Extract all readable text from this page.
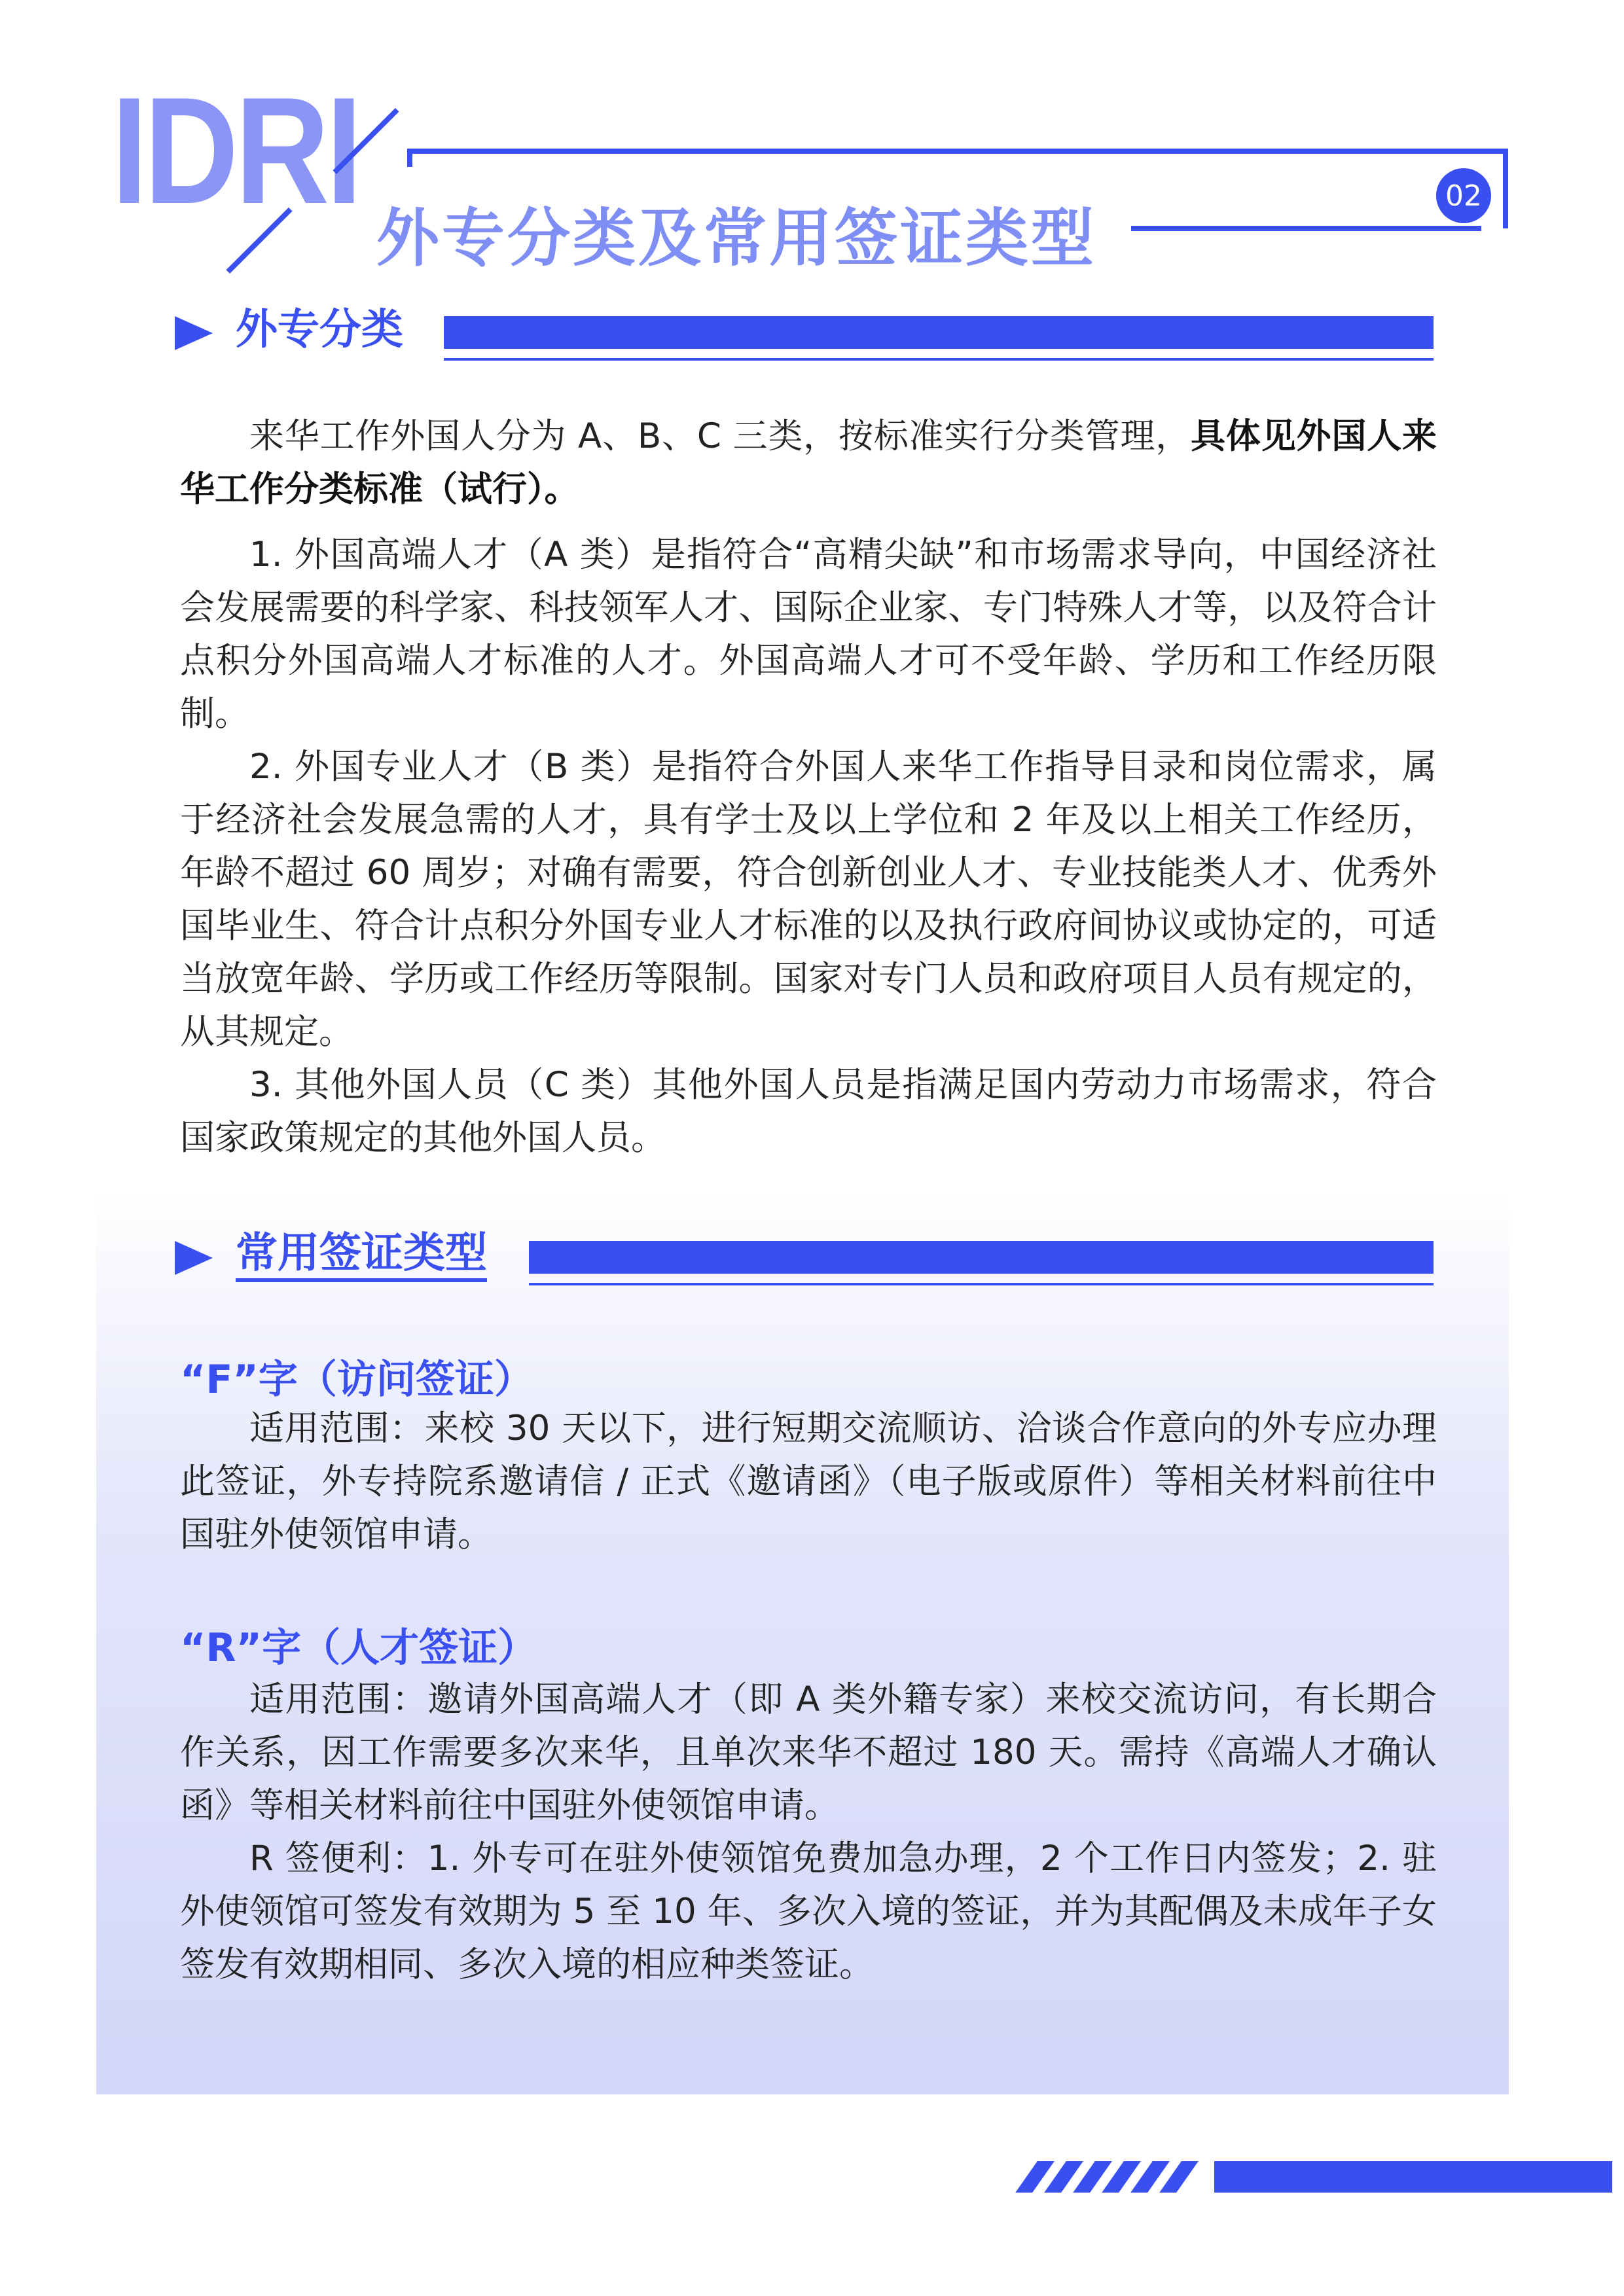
IDRI
外专分类及常用签证类型
02
外专分类

来华工作外国人分为 A、B、C 三类，按标准实行分类管理，具体见外国人来华工作分类标准（试行）。

1. 外国高端人才（A 类）是指符合“高精尖缺”和市场需求导向，中国经济社会发展需要的科学家、科技领军人才、国际企业家、专门特殊人才等，以及符合计点积分外国高端人才标准的人才。外国高端人才可不受年龄、学历和工作经历限制。

2. 外国专业人才（B 类）是指符合外国人来华工作指导目录和岗位需求，属于经济社会发展急需的人才，具有学士及以上学位和 2 年及以上相关工作经历，年龄不超过 60 周岁；对确有需要，符合创新创业人才、专业技能类人才、优秀外国毕业生、符合计点积分外国专业人才标准的以及执行政府间协议或协定的，可适当放宽年龄、学历或工作经历等限制。国家对专门人员和政府项目人员有规定的，从其规定。

3. 其他外国人员（C 类）其他外国人员是指满足国内劳动力市场需求，符合国家政策规定的其他外国人员。

常用签证类型
“F”字（访问签证）

适用范围：来校 30 天以下，进行短期交流顺访、洽谈合作意向的外专应办理此签证，外专持院系邀请信 / 正式《邀请函》（电子版或原件）等相关材料前往中国驻外使领馆申请。

“R”字（人才签证）

适用范围：邀请外国高端人才（即 A 类外籍专家）来校交流访问，有长期合作关系，因工作需要多次来华，且单次来华不超过 180 天。需持《高端人才确认函》等相关材料前往中国驻外使领馆申请。

R 签便利：1. 外专可在驻外使领馆免费加急办理，2 个工作日内签发；2. 驻外使领馆可签发有效期为 5 至 10 年、多次入境的签证，并为其配偶及未成年子女签发有效期相同、多次入境的相应种类签证。
